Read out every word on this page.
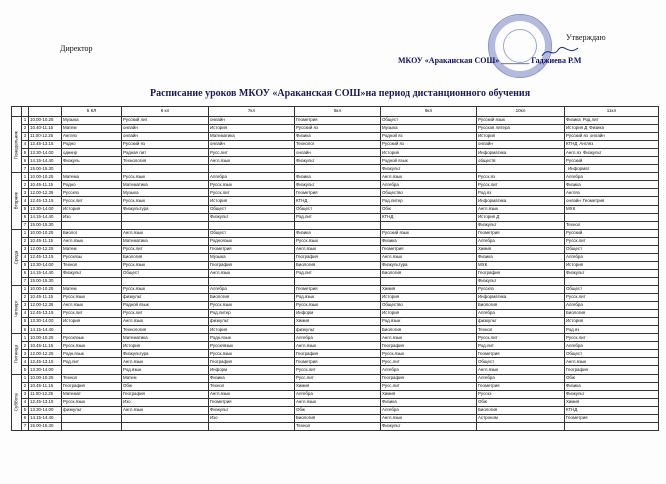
Директор
Утверждаю
МКОУ «Араканская СОШ» _______ Гаджиева Р.М
Расписание уроков МКОУ «Араканская СОШ»на период дистанционного обучения
			5 КЛ	6 кл	7кл	8кл	9кл	10кл	11кл
Понедельник	1	10.00-10.25	Музыка	Русский лит	онлайн	Геометрия	Общест	Русский язык	Физика Род.лит
	2	10.40-11.15	Матем	онлайн	История	Русский яз	Музыка	Русская литера	История Д Физика
	3	11.00-12.25	Англяз	онлайн	Математика	Физика	Родной яз	История	Русский яз онлайн
	4	12.45-13.15	Родно	Русский яз	онлайн	Технолог	Русский яз	онлайн	КТНД Англяз
	5	13.30-14.00	однкнр	Родная лит	Русс.лит	онлайн	История	Информатика	Англ.яз Физкульт
	6	14.15-14.40	Физкуль	Технология	Англ.язык	Физкульт	Родной язык	обществ	Русский
	7	15.00-15.30					Физкульт		Информат
Вторник	1	10.00-10.25	Матема	Русск.язык	Алгебра	Физика	Англ.язык	Русск.яз	Алгебра
	2	10.45-11.15	Родно	Математика	Русск.язык	Физкульт	Алгебра	Русск.лит	Физика
	3	12.00-12.35	Русскяз	Музыка	Русск.лит	Геометрия	Общество	Род.яз	Англяз
	4	12.45-13.15	Русск.лит	Русск.язык	История	КТНД	Род.литер	Информатика	онлайн Геометрия
	5	13.30-14.00	История	Физкультура	Общест	Общест	Обж	Англ.язык	МХК
	6	14.15-14.40	Изо		Физкульт	Род.лит	КТНД	История Д	
	7	15.00-15.30						Физкульт	Технол
Среда	1	10.00-10.25	Биолог	Англ.язык	Общест	Физика	Русский язык	Геометрия	Русский
	2	10.45-11.15	Англ.язык	Математика	Родноязык	Русск.язык	Физика	Алгебра	Русск.лит
	3	12.00-12.25	Матем	Русск.лит	Геометрия	Англ.язык	Геометрия	Химия	Общест
	4	12.45-13.15	Русскязы	Биология	Музыка	География	Англ.язык	Физика	Алгебра
	5	13.30-14.00	Технол	Русск.язык	География	Биология	Физкультура	МХК	История
	6	14.15-14.40	Физкульт	Общест	Англ.язык	Род.лит	Биология	География	Физкульт
	7	15.00-15.30						Физкульт	
Четверг	1	10.00-10.25	Матем	Русск.язык	Алгебра	Геометрия	Химия	Русскяз	Общест
	2	10.45-11.15	Русск.язык	физкульт	Биология	Род.язык	История	Информатика	Русск.лит
	3	12.00-12.35	Англ.язык	Родной язык	Русск.язык	Русск.язык	Общество	Биология	Алгебра
	4	12.45-13.15	Русск.лит	Русск.лит	Род.литер	Информ	История	Алгебра	Биология
	5	13.30-14.00	История	Англ.язык	физкульт	Химия	Род.язык	физкульт	История
	6	14.15-14.40		Технология	История	физкульт	Биология	Технол	Род.яз
Пятница	1	10.00-10.25	Русскязык	Математика	Родн.язык	Алгебра	Англ.язык	Русск.лит	Русск.лит
	2	10.45-11.15	Русск.язык	История	Русскяязык	Англ.язык	География	Род.лит	Алгебра
	3	12.00-12.25	Родн.язык	Физкультура	Русск.язык	География	Русск.язык	Геометрия	Общест
	4	12.45-13.15	Род.лит	Англ.язык	География	Геометрия	Русс.лит	Общест	Англ.язык
	5	13.30-14.00		Род.язык	Информ	Русск.лит	Алгебра	Англ.язык	География
Суббота	1	10.00-10.25	Технол	Матем	Физика	Русс.лит	География	Алгебра	Обж
	2	10.45-11.15	География	Обж	Технол	Химия	Русс.лит	Геометрия	Физика
	3	11.00-12.25	Математ	География	Англ.язык	Алгебра	Химия	Русскз	Физкульт
	4	12.45-13.15	Русск.язык	Изо	Геометрия	Англ.язык	Физика	Обж	Химия
	5	13.30-14.00	физкульт	Англ.язык	Физкульт	Обж	Алгебра	Биология	КТНД
	6	14.15-14.40			Изо	Биология	Англ.язык	Астроном	Геометрия
	7	15.00-15.30				Технол	Физкульт		
